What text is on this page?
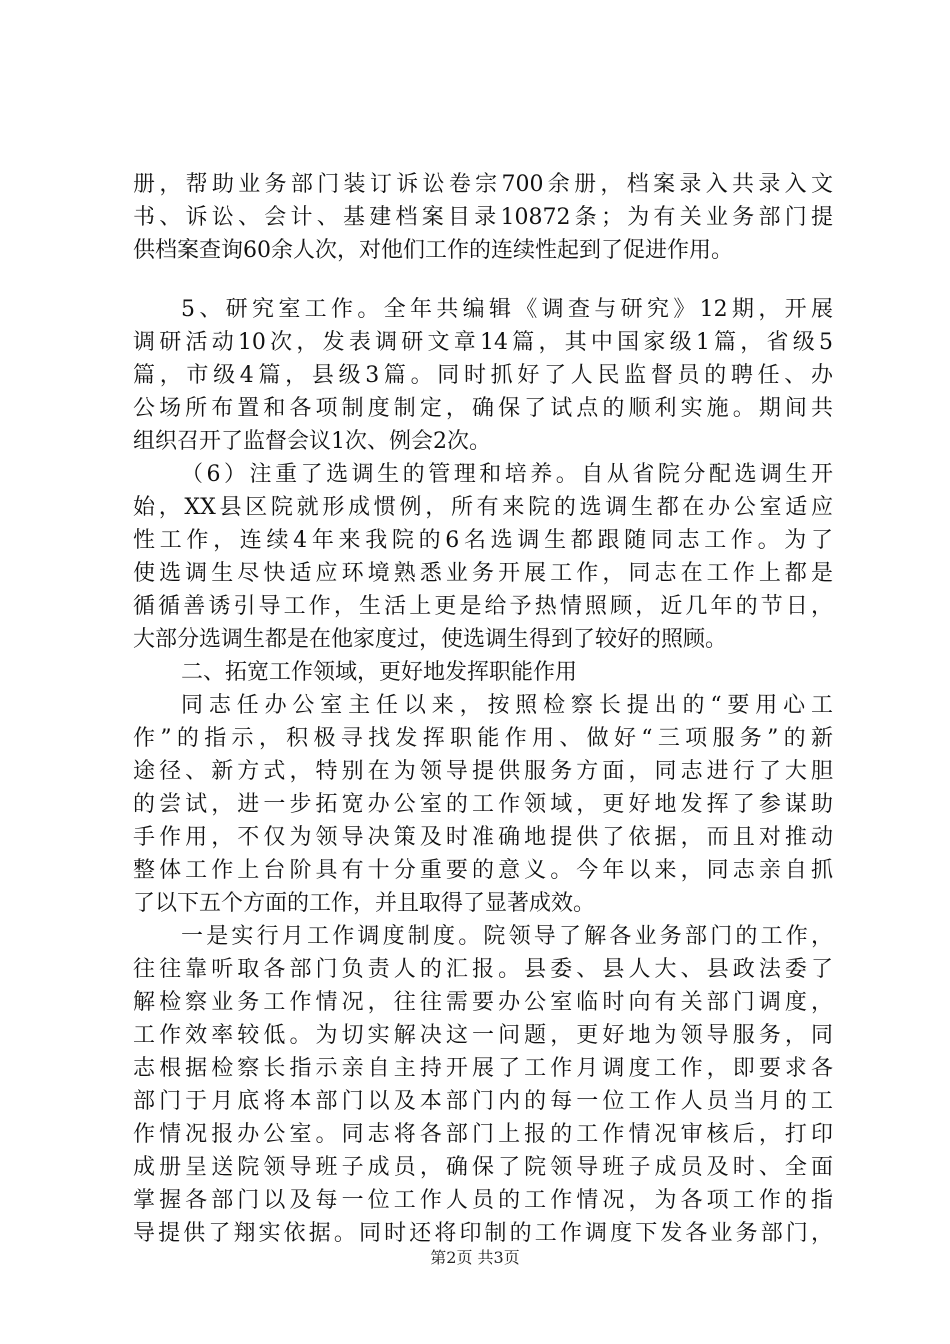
册，帮助业务部门装订诉讼卷宗700余册，档案录入共录入文
书、诉讼、会计、基建档案目录10872条；为有关业务部门提
供档案查询60余人次，对他们工作的连续性起到了促进作用。
5、研究室工作。全年共编辑《调查与研究》12期，开展
调研活动10次，发表调研文章14篇，其中国家级1篇，省级5
篇，市级4篇，县级3篇。同时抓好了人民监督员的聘任、办
公场所布置和各项制度制定，确保了试点的顺利实施。期间共
组织召开了监督会议1次、例会2次。
（6）注重了选调生的管理和培养。自从省院分配选调生开
始，XX县区院就形成惯例，所有来院的选调生都在办公室适应
性工作，连续4年来我院的6名选调生都跟随同志工作。为了
使选调生尽快适应环境熟悉业务开展工作，同志在工作上都是
循循善诱引导工作，生活上更是给予热情照顾，近几年的节日，
大部分选调生都是在他家度过，使选调生得到了较好的照顾。
二、拓宽工作领域，更好地发挥职能作用
同志任办公室主任以来，按照检察长提出的“要用心工
作”的指示，积极寻找发挥职能作用、做好“三项服务”的新
途径、新方式，特别在为领导提供服务方面，同志进行了大胆
的尝试，进一步拓宽办公室的工作领域，更好地发挥了参谋助
手作用，不仅为领导决策及时准确地提供了依据，而且对推动
整体工作上台阶具有十分重要的意义。今年以来，同志亲自抓
了以下五个方面的工作，并且取得了显著成效。
一是实行月工作调度制度。院领导了解各业务部门的工作，
往往靠听取各部门负责人的汇报。县委、县人大、县政法委了
解检察业务工作情况，往往需要办公室临时向有关部门调度，
工作效率较低。为切实解决这一问题，更好地为领导服务，同
志根据检察长指示亲自主持开展了工作月调度工作，即要求各
部门于月底将本部门以及本部门内的每一位工作人员当月的工
作情况报办公室。同志将各部门上报的工作情况审核后，打印
成册呈送院领导班子成员，确保了院领导班子成员及时、全面
掌握各部门以及每一位工作人员的工作情况，为各项工作的指
导提供了翔实依据。同时还将印制的工作调度下发各业务部门，
第2页 共3页
